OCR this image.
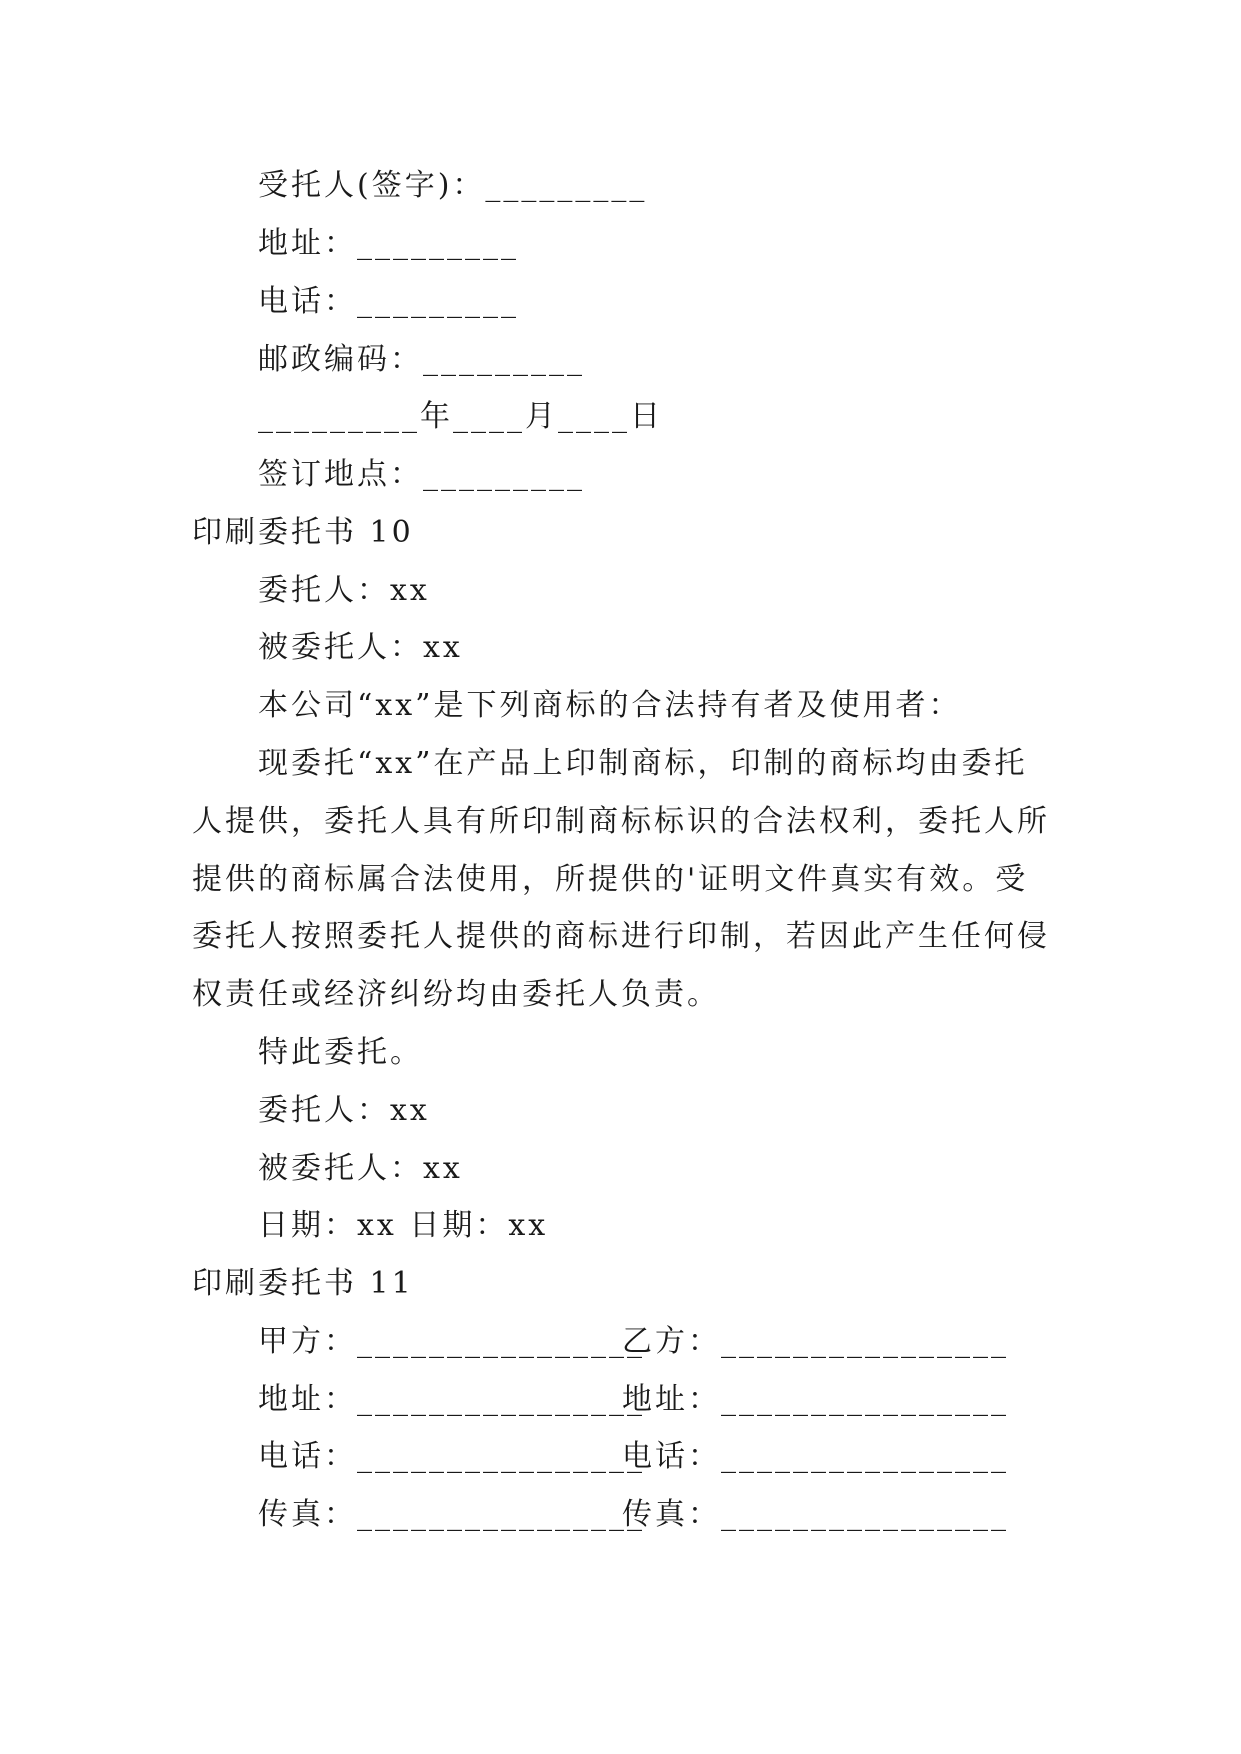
受托人(签字)：_________

地址：_________

电话：_________

邮政编码：_________

_________年____月____日

签订地点：_________

印刷委托书 10

委托人：xx

被委托人：xx

本公司“xx”是下列商标的合法持有者及使用者：

　　现委托“xx”在产品上印制商标，印制的商标均由委托

人提供，委托人具有所印制商标标识的合法权利，委托人所

提供的商标属合法使用，所提供的'证明文件真实有效。受

委托人按照委托人提供的商标进行印制，若因此产生任何侵

权责任或经济纠纷均由委托人负责。

特此委托。

委托人：xx

被委托人：xx

日期：xx 日期：xx

印刷委托书 11

甲方：________________

乙方：________________

地址：________________

地址：________________

电话：________________

电话：________________

传真：________________

传真：________________
